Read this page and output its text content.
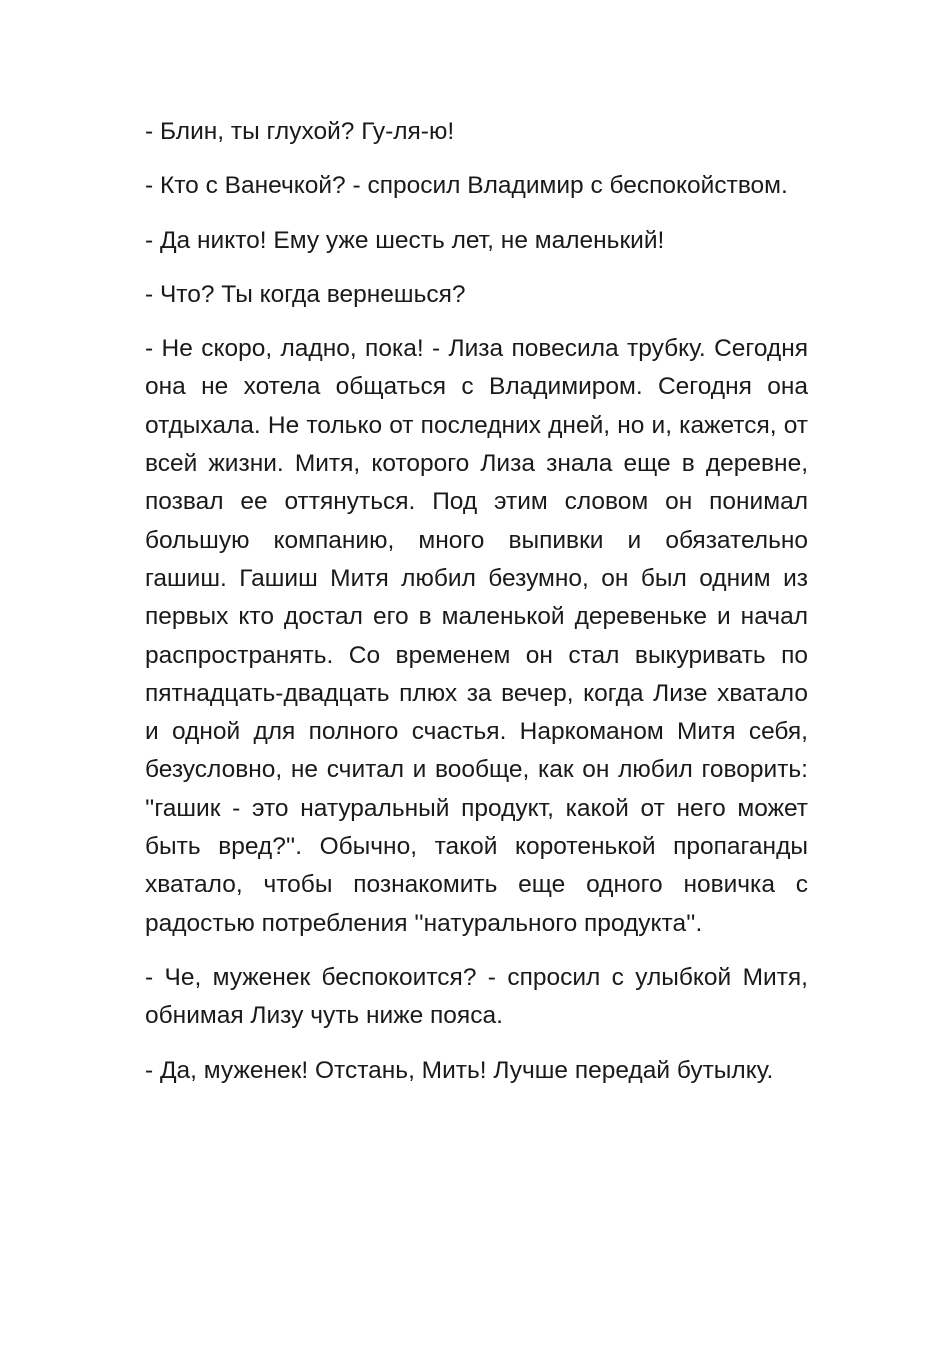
- Блин, ты глухой? Гу-ля-ю!

- Кто с Ванечкой? - спросил Владимир с беспокойством.

- Да никто! Ему уже шесть лет, не маленький!

- Что? Ты когда вернешься?

- Не скоро, ладно, пока! - Лиза повесила трубку. Сегодня она не хотела общаться с Владимиром. Сегодня она отдыхала. Не только от последних дней, но и, кажется, от всей жизни. Митя, которого Лиза знала еще в деревне, позвал ее оттянуться. Под этим словом он понимал большую компанию, много выпивки и обязательно гашиш. Гашиш Митя любил безумно, он был одним из первых кто достал его в маленькой деревеньке и начал распространять. Со временем он стал выкуривать по пятнадцать-двадцать плюх за вечер, когда Лизе хватало и одной для полного счастья. Наркоманом Митя себя, безусловно, не считал и вообще, как он любил говорить: ''гашик - это натуральный продукт, какой от него может быть вред?''. Обычно, такой коротенькой пропаганды хватало, чтобы познакомить еще одного новичка с радостью потребления ''натурального продукта''.

- Че, муженек беспокоится? - спросил с улыбкой Митя, обнимая Лизу чуть ниже пояса.

- Да, муженек! Отстань, Мить! Лучше передай бутылку.
